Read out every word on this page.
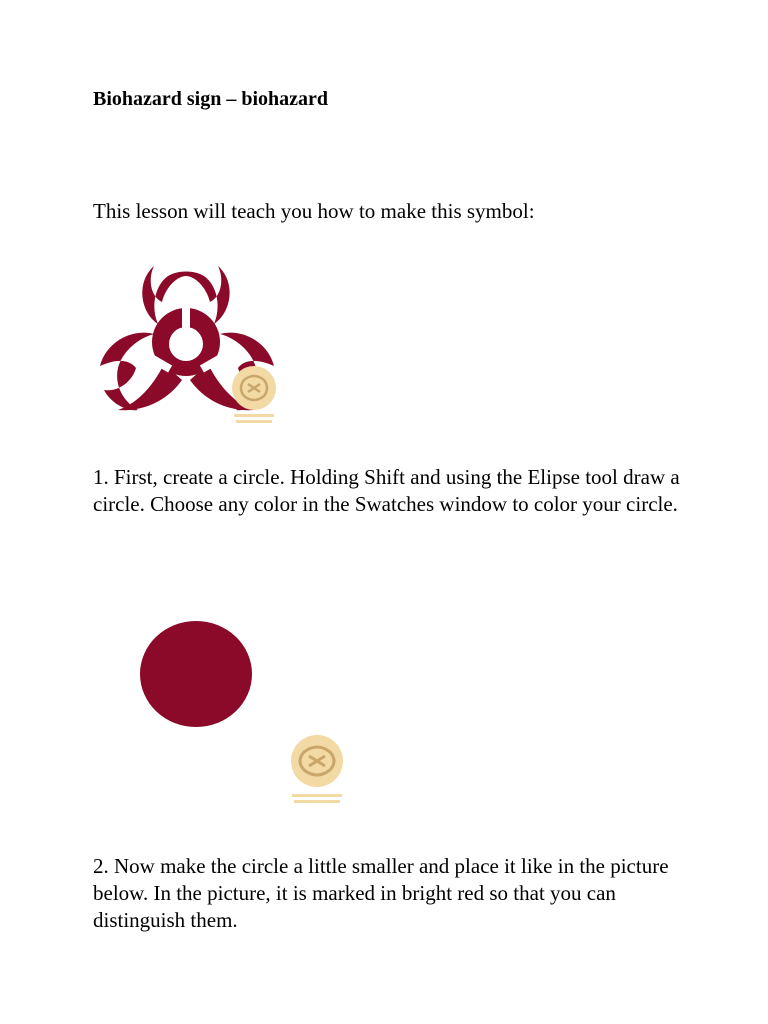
Biohazard sign – biohazard

This lesson will teach you how to make this symbol:

1. First, create a circle. Holding Shift and using the Elipse tool draw a circle. Choose any color in the Swatches window to color your circle.

2. Now make the circle a little smaller and place it like in the picture below. In the picture, it is marked in bright red so that you can distinguish them.
